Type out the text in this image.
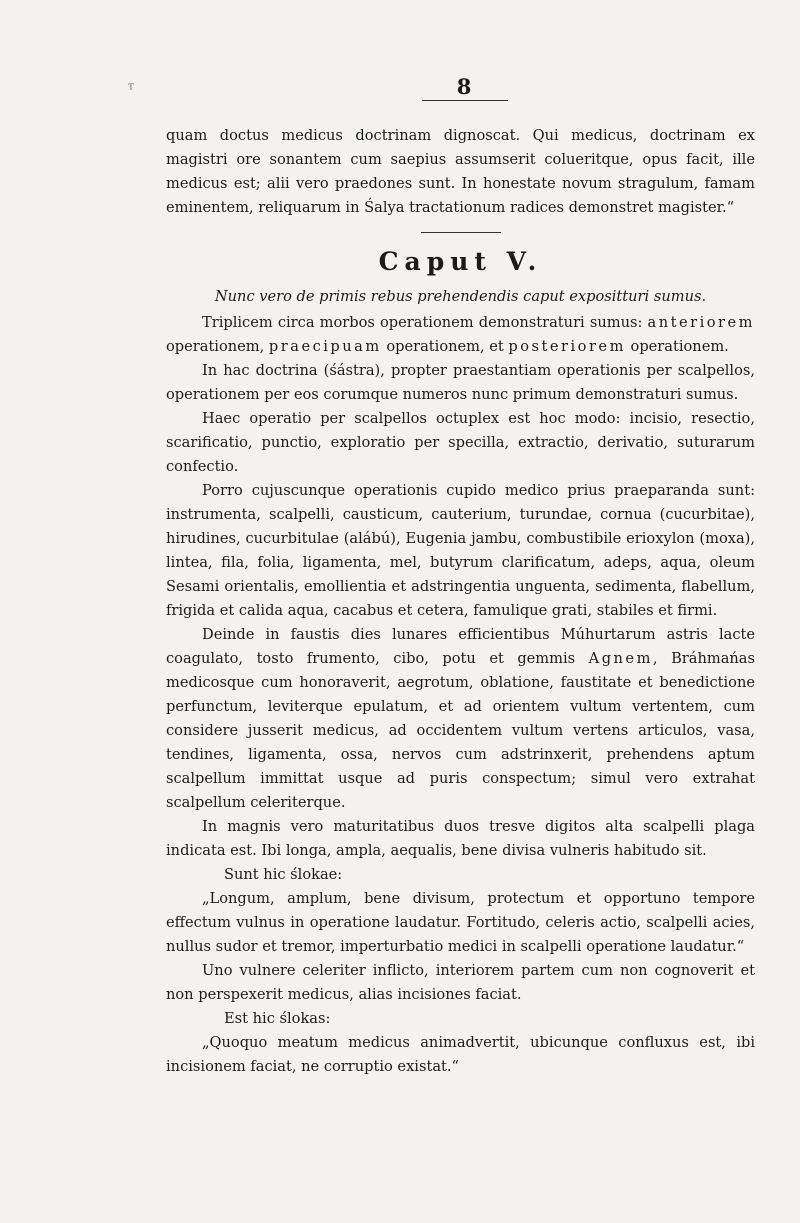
ᵀ	8

quam doctus medicus doctrinam dignoscat. Qui medicus, doctrinam ex magistri ore sonantem cum saepius assumserit colueritque, opus facit, ille medicus est; alii vero praedones sunt. In honestate novum stragulum, famam eminentem, reliquarum in Śalya tractationum radices demonstret magister.“

Caput V.
Nunc vero de primis rebus prehendendis caput expositturi sumus.

Triplicem circa morbos operationem demonstraturi sumus: anteriorem operationem, praecipuam operationem, et posteriorem operationem.

In hac doctrina (śástra), propter praestantiam operationis per scalpellos, operationem per eos corumque numeros nunc primum demonstraturi sumus.

Haec operatio per scalpellos octuplex est hoc modo: incisio, resectio, scarificatio, punctio, exploratio per specilla, extractio, derivatio, suturarum confectio.

Porro cujuscunque operationis cupido medico prius praeparanda sunt: instrumenta, scalpelli, causticum, cauterium, turundae, cornua (cucurbitae), hirudines, cucurbitulae (alábú), Eugenia jambu, combustibile erioxylon (moxa), lintea, fila, folia, ligamenta, mel, butyrum clarificatum, adeps, aqua, oleum Sesami orientalis, emollientia et adstringentia unguenta, sedimenta, flabellum, frigida et calida aqua, cacabus et cetera, famulique grati, stabiles et firmi.

Deinde in faustis dies lunares efficientibus Múhurtarum astris lacte coagulato, tosto frumento, cibo, potu et gemmis Agnem, Bráhmańas medicosque cum honoraverit, aegrotum, oblatione, faustitate et benedictione perfunctum, leviterque epulatum, et ad orientem vultum vertentem, cum considere jusserit medicus, ad occidentem vultum vertens articulos, vasa, tendines, ligamenta, ossa, nervos cum adstrinxerit, prehendens aptum scalpellum immittat usque ad puris conspectum; simul vero extrahat scalpellum celeriterque.

In magnis vero maturitatibus duos tresve digitos alta scalpelli plaga indicata est. Ibi longa, ampla, aequalis, bene divisa vulneris habitudo sit.

Sunt hic ślokae:

„Longum, amplum, bene divisum, protectum et opportuno tempore effectum vulnus in operatione laudatur. Fortitudo, celeris actio, scalpelli acies, nullus sudor et tremor, imperturbatio medici in scalpelli operatione laudatur.“

Uno vulnere celeriter inflicto, interiorem partem cum non cognoverit et non perspexerit medicus, alias incisiones faciat.

Est hic ślokas:

„Quoquo meatum medicus animadvertit, ubicunque confluxus est, ibi incisionem faciat, ne corruptio existat.“
